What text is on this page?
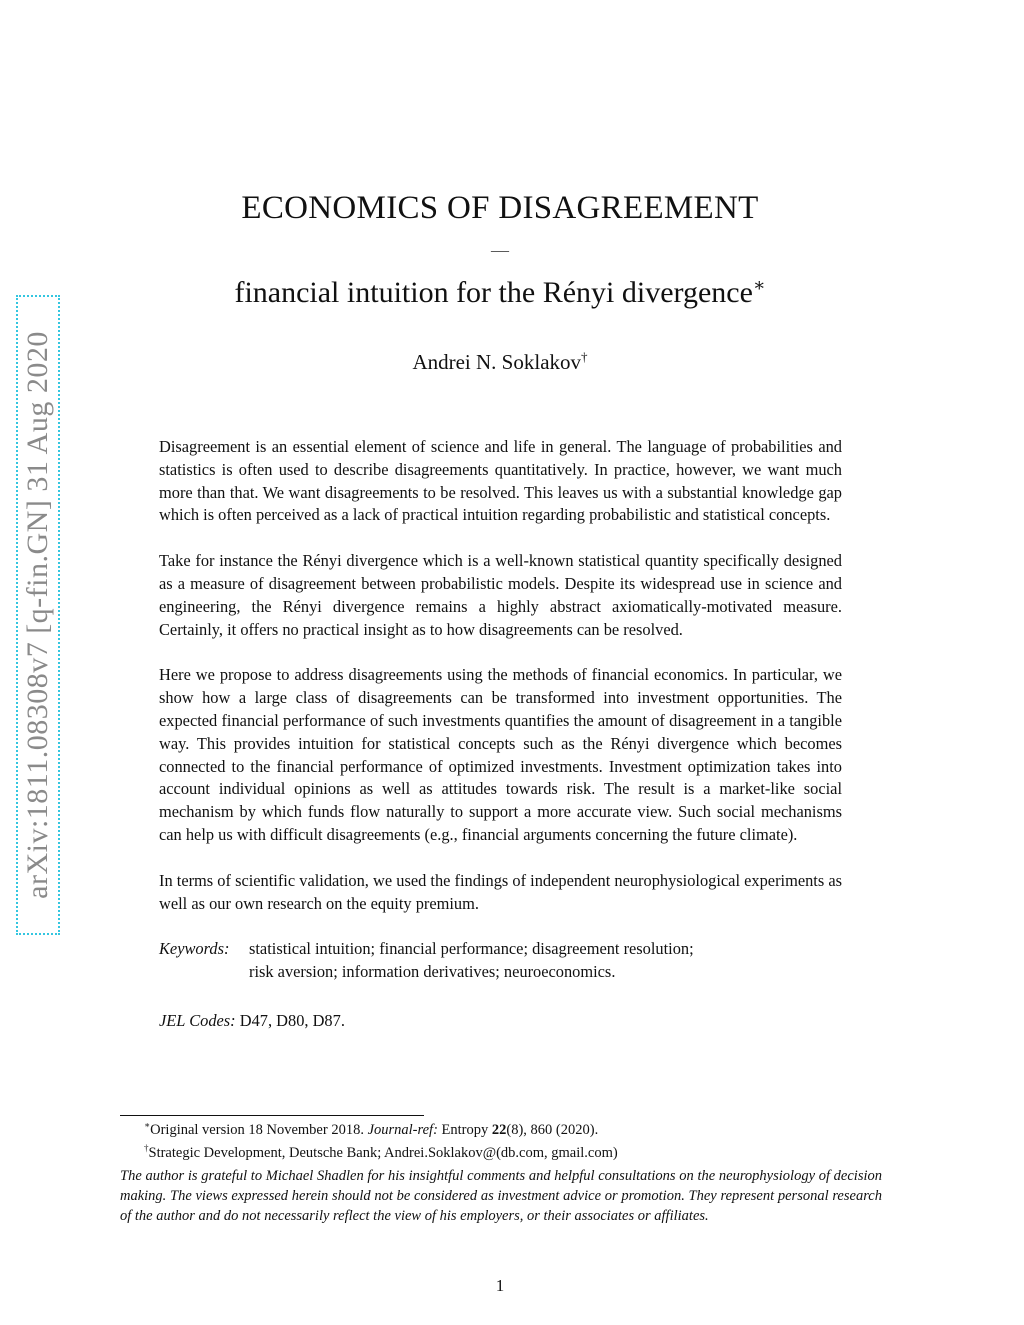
arXiv:1811.08308v7 [q-fin.GN] 31 Aug 2020
ECONOMICS OF DISAGREEMENT
—
financial intuition for the Rényi divergence∗
Andrei N. Soklakov†

Disagreement is an essential element of science and life in general. The language of probabilities and statistics is often used to describe disagreements quantitatively. In practice, however, we want much more than that. We want disagreements to be resolved. This leaves us with a substantial knowledge gap which is often perceived as a lack of practical intuition regarding probabilistic and statistical concepts.

Take for instance the Rényi divergence which is a well-known statistical quantity specifically designed as a measure of disagreement between probabilistic models. Despite its widespread use in science and engineering, the Rényi divergence remains a highly abstract axiomatically-motivated measure. Certainly, it offers no practical insight as to how disagreements can be resolved.

Here we propose to address disagreements using the methods of financial economics. In particular, we show how a large class of disagreements can be transformed into investment opportunities. The expected financial performance of such investments quantifies the amount of disagreement in a tangible way. This provides intuition for statistical concepts such as the Rényi divergence which becomes connected to the financial performance of optimized investments. Investment optimization takes into account individual opinions as well as attitudes towards risk. The result is a market-like social mechanism by which funds flow naturally to support a more accurate view. Such social mechanisms can help us with difficult disagreements (e.g., financial arguments concerning the future climate).

In terms of scientific validation, we used the findings of independent neurophysiological experiments as well as our own research on the equity premium.

Keywords:	statistical intuition; financial performance; disagreement resolution;
risk aversion; information derivatives; neuroeconomics.
JEL Codes: D47, D80, D87.
∗Original version 18 November 2018. Journal-ref: Entropy 22(8), 860 (2020).
†Strategic Development, Deutsche Bank; Andrei.Soklakov@(db.com, gmail.com)
The author is grateful to Michael Shadlen for his insightful comments and helpful consultations on the neurophysiology of decision making. The views expressed herein should not be considered as investment advice or promotion. They represent personal research of the author and do not necessarily reflect the view of his employers, or their associates or affiliates.
1
